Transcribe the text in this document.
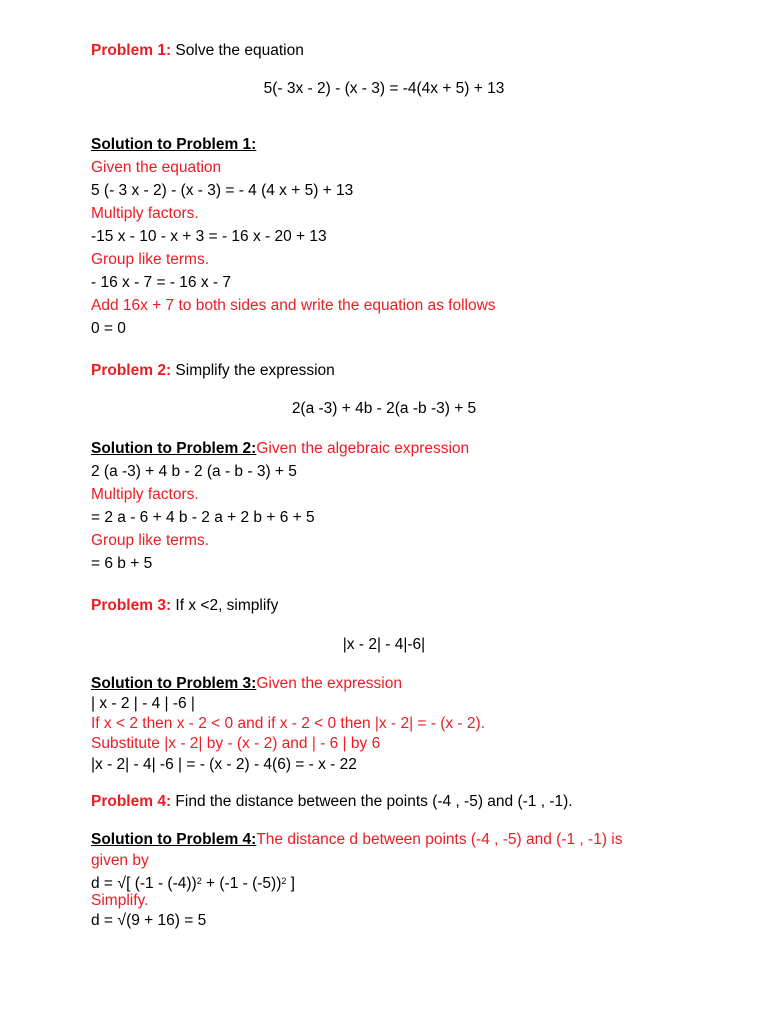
Problem 1: Solve the equation
5(- 3x - 2) - (x - 3) = -4(4x + 5) + 13
Solution to Problem 1:
Given the equation
5 (- 3 x - 2) - (x - 3) = - 4 (4 x + 5) + 13
Multiply factors.
-15 x - 10 - x + 3 = - 16 x - 20 + 13
Group like terms.
- 16 x - 7 = - 16 x - 7
Add 16x + 7 to both sides and write the equation as follows
0 = 0
Problem 2: Simplify the expression
2(a -3) + 4b - 2(a -b -3) + 5
Solution to Problem 2:Given the algebraic expression
2 (a -3) + 4 b - 2 (a - b - 3) + 5
Multiply factors.
= 2 a - 6 + 4 b - 2 a + 2 b + 6 + 5
Group like terms.
= 6 b + 5
Problem 3: If x <2, simplify
|x - 2| - 4|-6|
Solution to Problem 3:Given the expression
| x - 2 | - 4 | -6 |
If x < 2 then x - 2 < 0 and if x - 2 < 0 then |x - 2| = - (x - 2).
Substitute |x - 2| by - (x - 2) and | - 6 | by 6
|x - 2| - 4| -6 | = - (x - 2) - 4(6) = - x - 22
Problem 4: Find the distance between the points (-4 , -5) and (-1 , -1).
Solution to Problem 4:The distance d between points (-4 , -5) and (-1 , -1) is
given by
d = √[ (-1 - (-4))$^2$ + (-1 - (-5))$^2$ ]
Simplify.
d = √(9 + 16) = 5
